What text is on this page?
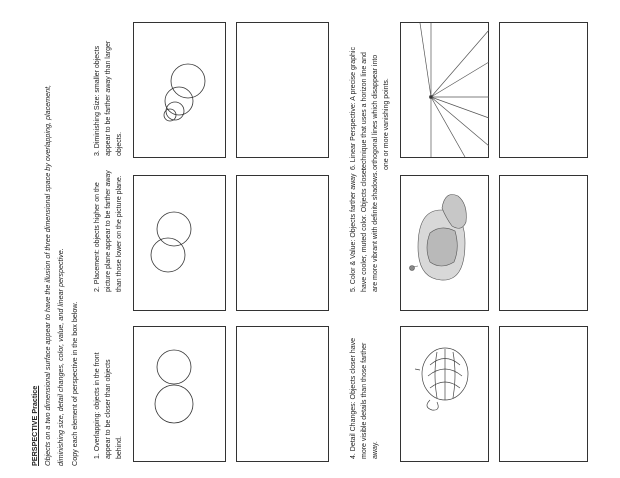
PERSPECTIVE Practice Objects on a two dimensional surface appear to have the illusion of three dimensional space by overlapping, placement, diminishing size, detail changes, color, value, and linear perspective. Copy each element of perspective in the box below. 1. Overlapping: objects in the front appear to be closer than objects behind.
2. Placement: objects higher on the picture plane appear to be farther away than those lower on the picture plane.
3. Diminishing Size: smaller objects appear to be farther away than larger objects.
4. Detail Changes: Objects closer have more visible details than those farther away.
5. Color & Value: Objects farther away have cooler, muted color. Objects closer are more vibrant with definite shadows.
6. Linear Perspective: A precise graphic technique that uses a horizon line and orthogonal lines which disappear into one or more vanishing points.
